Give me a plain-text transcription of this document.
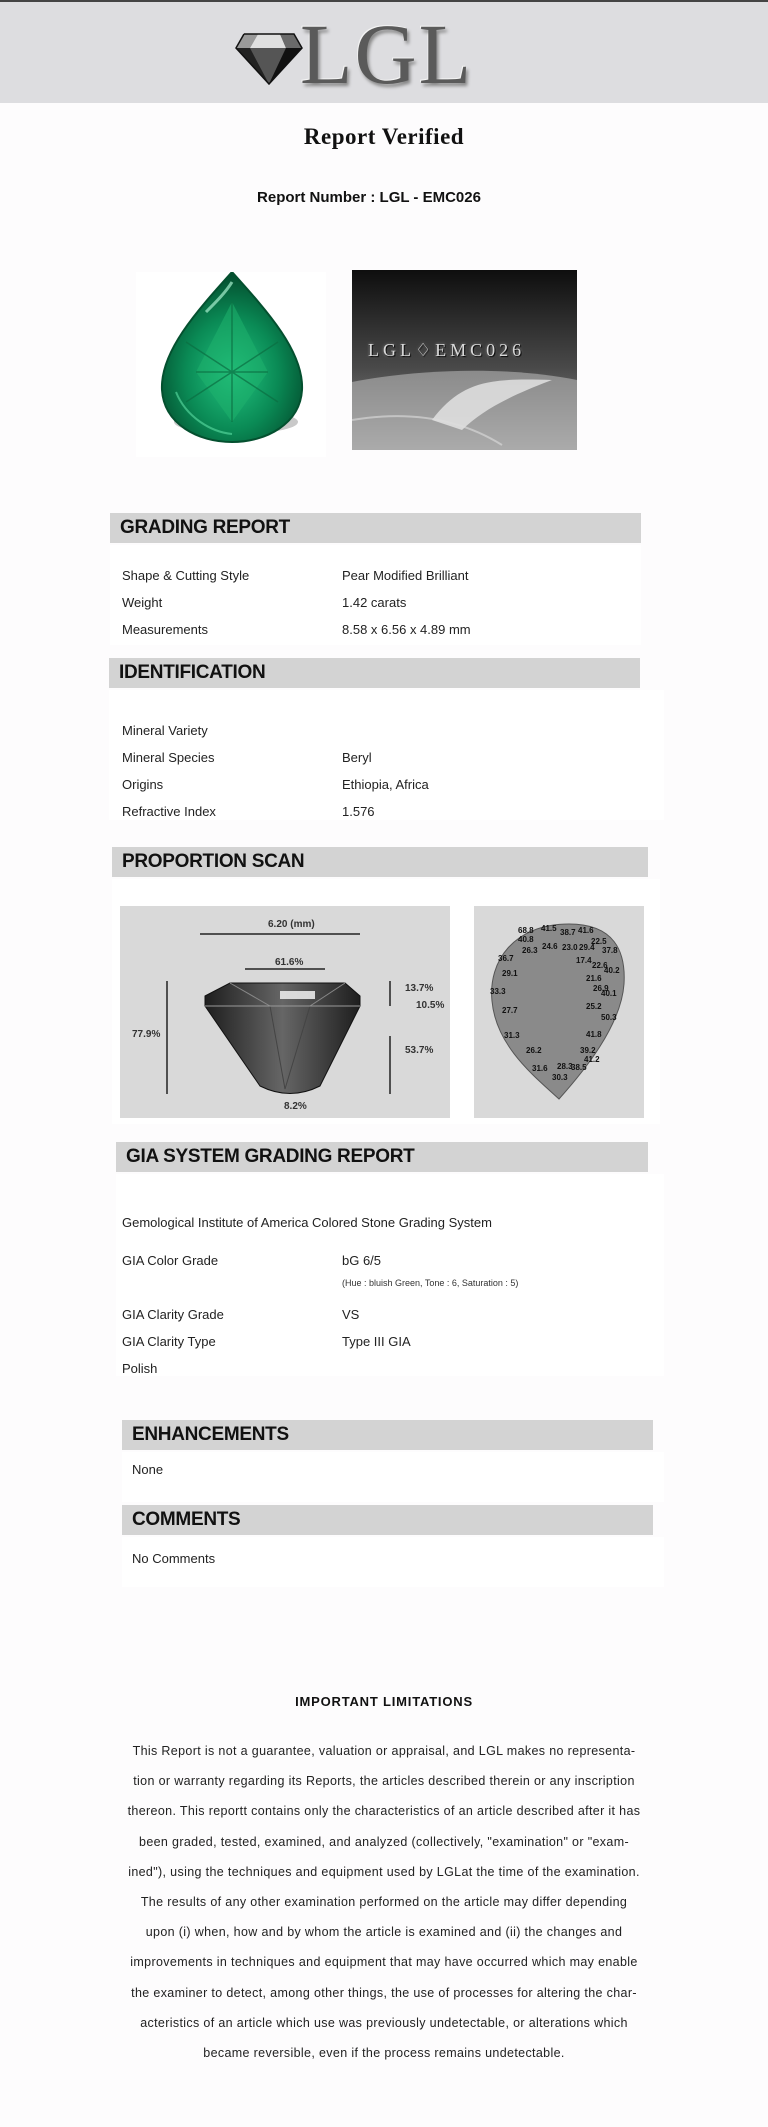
LGL
Report Verified
Report Number : LGL - EMC026
LGL♢EMC026
GRADING REPORT
Shape & Cutting Style	Pear Modified Brilliant
Weight	1.42 carats
Measurements	8.58 x 6.56 x 4.89 mm
IDENTIFICATION
Mineral Variety
Mineral Species	Beryl
Origins	Ethiopia, Africa
Refractive Index	1.576
PROPORTION SCAN
6.20 (mm)
61.6%
77.9%
13.7%
10.5%
53.7%
8.2%
68.8 41.5 38.7 41.6
40.8	22.5
26.3 24.6 23.0 29.4 37.8
36.7	17.4
22.6
29.1	40.2
21.6
33.3	26.9
40.1
27.7	25.2
50.3
31.3	41.8
26.2	39.2
41.2
31.6 28.3
38.5
30.3
GIA SYSTEM GRADING REPORT
Gemological Institute of America Colored Stone Grading System
GIA Color Grade	bG 6/5
(Hue : bluish Green, Tone : 6, Saturation : 5)
GIA Clarity Grade	VS
GIA Clarity Type	Type III GIA
Polish
ENHANCEMENTS
None
COMMENTS
No Comments
IMPORTANT LIMITATIONS
This Report is not a guarantee, valuation or appraisal, and LGL makes no representa-
tion or warranty regarding its Reports, the articles described therein or any inscription
thereon. This reportt contains only the characteristics of an article described after it has
been graded, tested, examined, and analyzed (collectively, "examination" or "exam-
ined"), using the techniques and equipment used by LGLat the time of the examination.
The results of any other examination performed on the article may differ depending
upon (i) when, how and by whom the article is examined and (ii) the changes and
improvements in techniques and equipment that may have occurred which may enable
the examiner to detect, among other things, the use of processes for altering the char-
acteristics of an article which use was previously undetectable, or alterations which
became reversible, even if the process remains undetectable.
